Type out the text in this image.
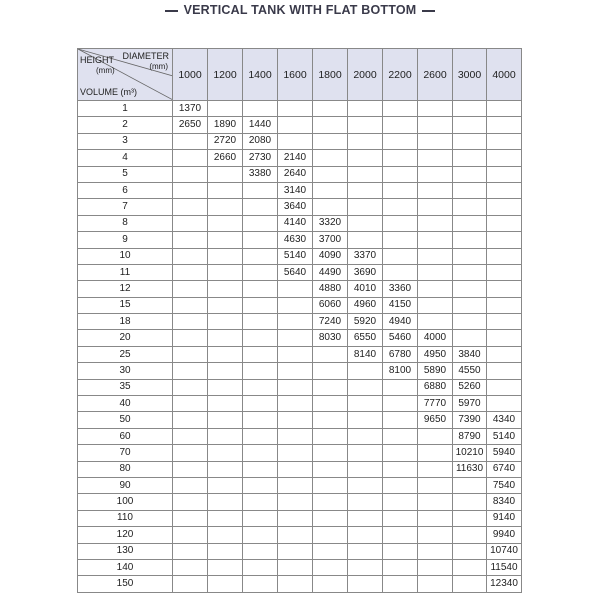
VERTICAL TANK WITH FLAT BOTTOM
DIAMETER
(mm)
HEIGHT
(mm)
VOLUME (m³)	1000	1200	1400	1600	1800	2000	2200	2600	3000	4000
1	1370									
2	2650	1890	1440							
3		2720	2080							
4		2660	2730	2140						
5			3380	2640						
6				3140						
7				3640						
8				4140	3320					
9				4630	3700					
10				5140	4090	3370				
11				5640	4490	3690				
12					4880	4010	3360			
15					6060	4960	4150			
18					7240	5920	4940			
20					8030	6550	5460	4000		
25						8140	6780	4950	3840	
30							8100	5890	4550	
35								6880	5260	
40								7770	5970	
50								9650	7390	4340
60									8790	5140
70									10210	5940
80									11630	6740
90										7540
100										8340
110										9140
120										9940
130										10740
140										11540
150										12340
